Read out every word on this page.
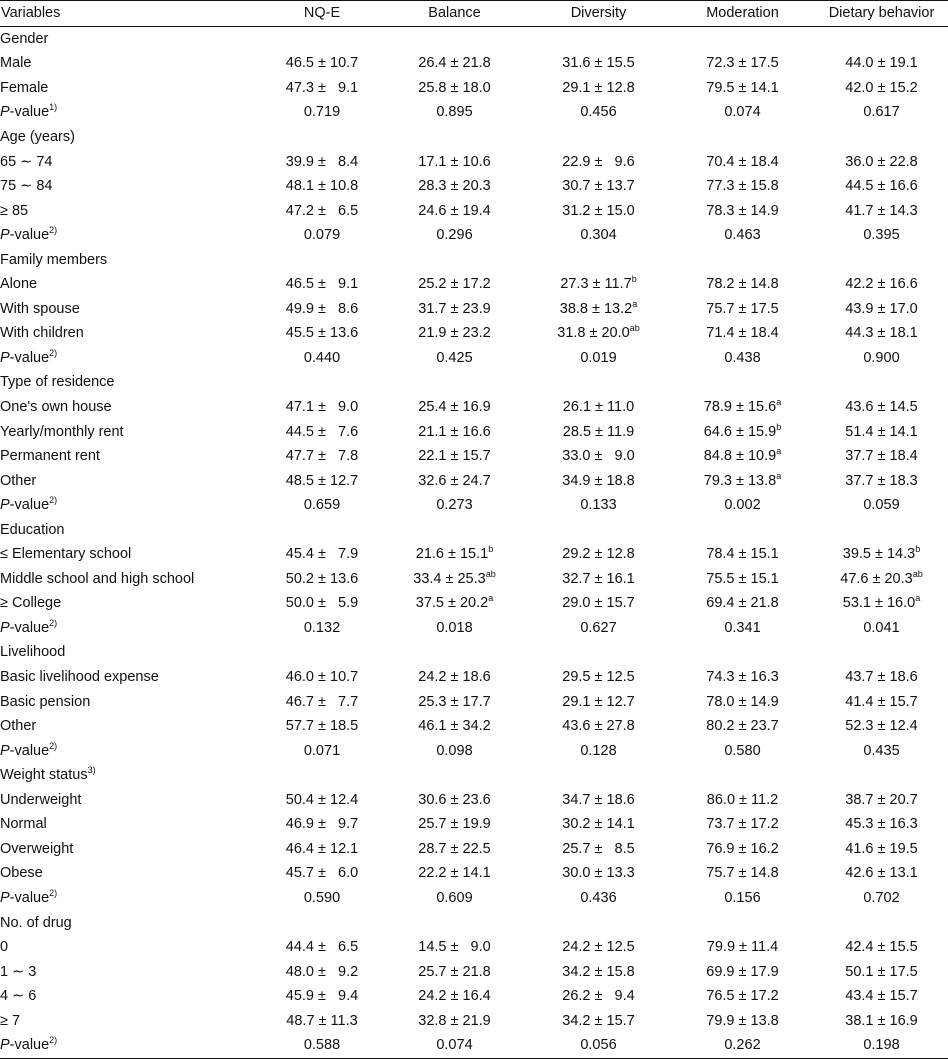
Variables	NQ-E	Balance	Diversity	Moderation	Dietary behavior
Gender					
Male	46.5 ± 10.7	26.4 ± 21.8	31.6 ± 15.5	72.3 ± 17.5	44.0 ± 19.1
Female	47.3 ±   9.1	25.8 ± 18.0	29.1 ± 12.8	79.5 ± 14.1	42.0 ± 15.2
P-value$^{1)}$	0.719	0.895	0.456	0.074	0.617
Age (years)					
65 ∼ 74	39.9 ±   8.4	17.1 ± 10.6	22.9 ±   9.6	70.4 ± 18.4	36.0 ± 22.8
75 ∼ 84	48.1 ± 10.8	28.3 ± 20.3	30.7 ± 13.7	77.3 ± 15.8	44.5 ± 16.6
≥ 85	47.2 ±   6.5	24.6 ± 19.4	31.2 ± 15.0	78.3 ± 14.9	41.7 ± 14.3
P-value$^{2)}$	0.079	0.296	0.304	0.463	0.395
Family members					
Alone	46.5 ±   9.1	25.2 ± 17.2	27.3 ± 11.7$^b$	78.2 ± 14.8	42.2 ± 16.6
With spouse	49.9 ±   8.6	31.7 ± 23.9	38.8 ± 13.2$^a$	75.7 ± 17.5	43.9 ± 17.0
With children	45.5 ± 13.6	21.9 ± 23.2	31.8 ± 20.0$^{ab}$	71.4 ± 18.4	44.3 ± 18.1
P-value$^{2)}$	0.440	0.425	0.019	0.438	0.900
Type of residence					
One's own house	47.1 ±   9.0	25.4 ± 16.9	26.1 ± 11.0	78.9 ± 15.6$^a$	43.6 ± 14.5
Yearly/monthly rent	44.5 ±   7.6	21.1 ± 16.6	28.5 ± 11.9	64.6 ± 15.9$^b$	51.4 ± 14.1
Permanent rent	47.7 ±   7.8	22.1 ± 15.7	33.0 ±   9.0	84.8 ± 10.9$^a$	37.7 ± 18.4
Other	48.5 ± 12.7	32.6 ± 24.7	34.9 ± 18.8	79.3 ± 13.8$^a$	37.7 ± 18.3
P-value$^{2)}$	0.659	0.273	0.133	0.002	0.059
Education					
≤ Elementary school	45.4 ±   7.9	21.6 ± 15.1$^b$	29.2 ± 12.8	78.4 ± 15.1	39.5 ± 14.3$^b$
Middle school and high school	50.2 ± 13.6	33.4 ± 25.3$^{ab}$	32.7 ± 16.1	75.5 ± 15.1	47.6 ± 20.3$^{ab}$
≥ College	50.0 ±   5.9	37.5 ± 20.2$^a$	29.0 ± 15.7	69.4 ± 21.8	53.1 ± 16.0$^a$
P-value$^{2)}$	0.132	0.018	0.627	0.341	0.041
Livelihood					
Basic livelihood expense	46.0 ± 10.7	24.2 ± 18.6	29.5 ± 12.5	74.3 ± 16.3	43.7 ± 18.6
Basic pension	46.7 ±   7.7	25.3 ± 17.7	29.1 ± 12.7	78.0 ± 14.9	41.4 ± 15.7
Other	57.7 ± 18.5	46.1 ± 34.2	43.6 ± 27.8	80.2 ± 23.7	52.3 ± 12.4
P-value$^{2)}$	0.071	0.098	0.128	0.580	0.435
Weight status$^{3)}$
Underweight	50.4 ± 12.4	30.6 ± 23.6	34.7 ± 18.6	86.0 ± 11.2	38.7 ± 20.7
Normal	46.9 ±   9.7	25.7 ± 19.9	30.2 ± 14.1	73.7 ± 17.2	45.3 ± 16.3
Overweight	46.4 ± 12.1	28.7 ± 22.5	25.7 ±   8.5	76.9 ± 16.2	41.6 ± 19.5
Obese	45.7 ±   6.0	22.2 ± 14.1	30.0 ± 13.3	75.7 ± 14.8	42.6 ± 13.1
P-value$^{2)}$	0.590	0.609	0.436	0.156	0.702
No. of drug					
0	44.4 ±   6.5	14.5 ±   9.0	24.2 ± 12.5	79.9 ± 11.4	42.4 ± 15.5
1 ∼ 3	48.0 ±   9.2	25.7 ± 21.8	34.2 ± 15.8	69.9 ± 17.9	50.1 ± 17.5
4 ∼ 6	45.9 ±   9.4	24.2 ± 16.4	26.2 ±   9.4	76.5 ± 17.2	43.4 ± 15.7
≥ 7	48.7 ± 11.3	32.8 ± 21.9	34.2 ± 15.7	79.9 ± 13.8	38.1 ± 16.9
P-value$^{2)}$	0.588	0.074	0.056	0.262	0.198
